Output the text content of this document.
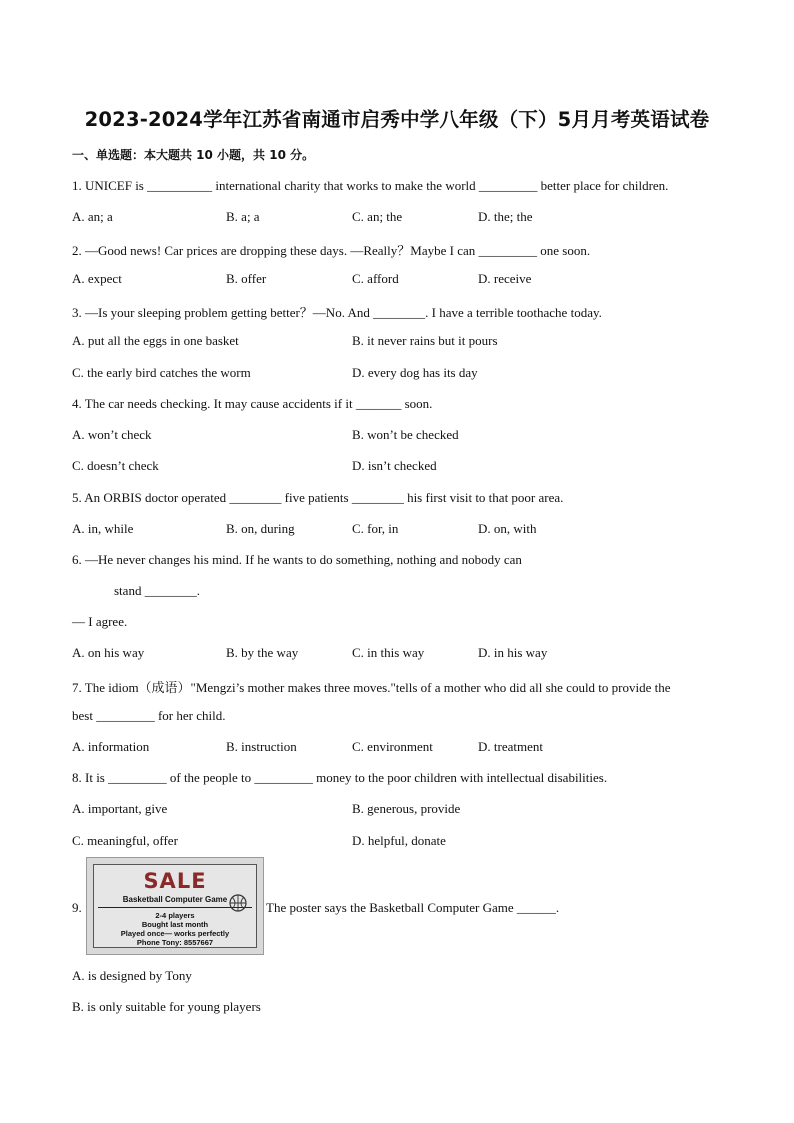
2023-2024学年江苏省南通市启秀中学八年级（下）5月月考英语试卷
一、单选题：本大题共 10 小题，共 10 分。
1. UNICEF is __________ international charity that works to make the world _________ better place for children.
A. an; a	B. a; a	C. an; the	D. the; the
2. —Good news! Car prices are dropping these days. —Really？Maybe I can _________ one soon.
A. expect	B. offer	C. afford	D. receive
3. —Is your sleeping problem getting better？—No. And ________. I have a terrible toothache today.
A. put all the eggs in one basket	B. it never rains but it pours
C. the early bird catches the worm	D. every dog has its day
4. The car needs checking. It may cause accidents if it _______ soon.
A. won’t check	B. won’t be checked
C. doesn’t check	D. isn’t checked
5. An ORBIS doctor operated ________ five patients ________ his first visit to that poor area.
A. in, while	B. on, during	C. for, in	D. on, with
6. —He never changes his mind. If he wants to do something, nothing and nobody can
stand ________.
— I agree.
A. on his way	B. by the way	C. in this way	D. in his way
7. The idiom（成语）"Mengzi’s mother makes three moves."tells of a mother who did all she could to provide the
best _________ for her child.
A. information	B. instruction	C. environment	D. treatment
8. It is _________ of the people to _________ money to the poor children with intellectual disabilities.
A. important, give	B. generous, provide
C. meaningful, offer	D. helpful, donate
9.
SALE
Basketball Computer Game
2-4 players
Bought last month
Played once— works perfectly
Phone Tony: 8557667
The poster says the Basketball Computer Game ______.
A. is designed by Tony
B. is only suitable for young players
